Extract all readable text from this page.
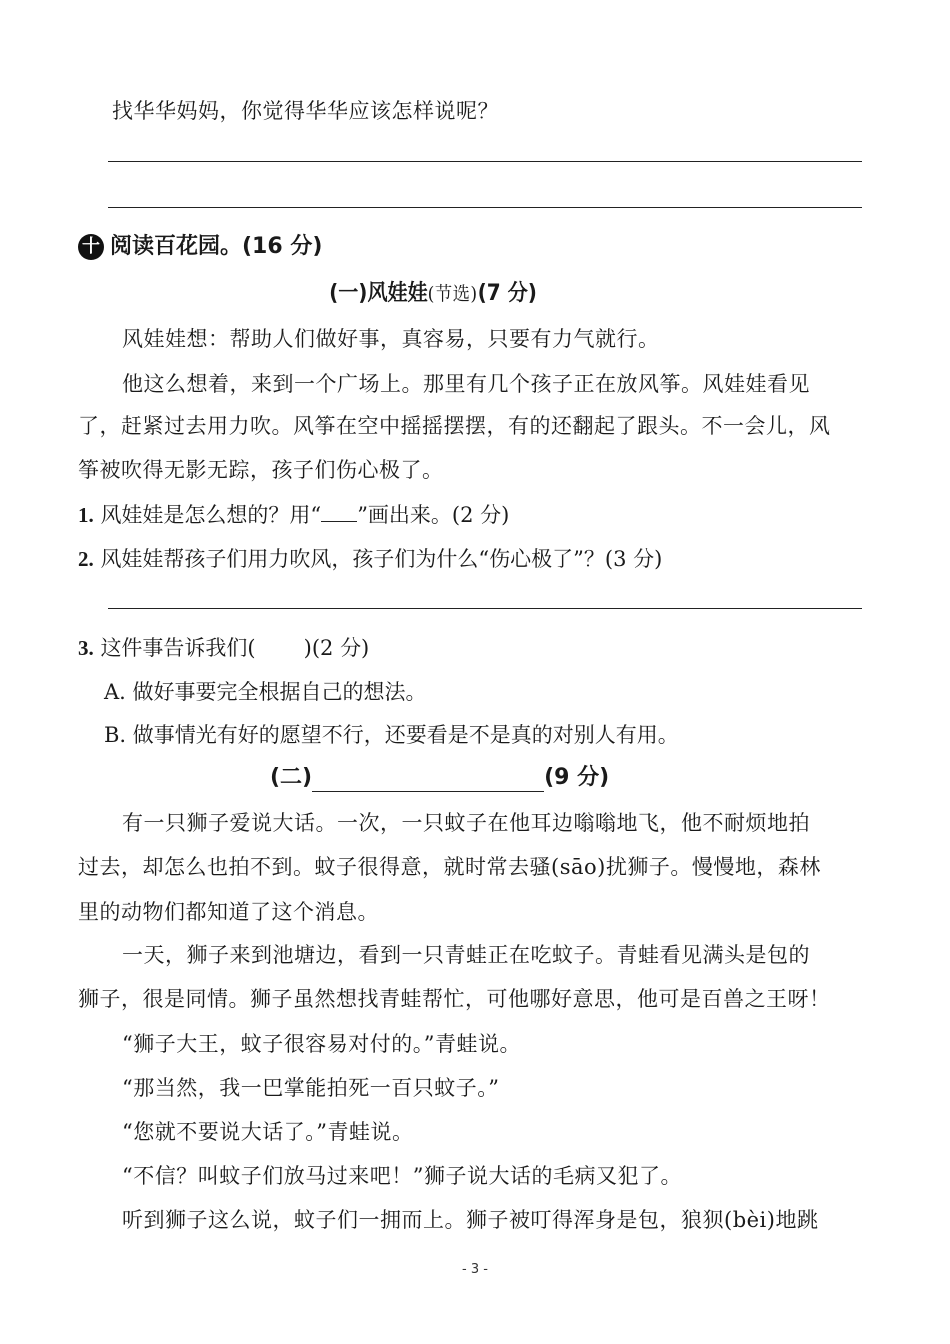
找华华妈妈，你觉得华华应该怎样说呢？
十 阅读百花园。(16 分)
(一)风娃娃(节选)(7 分)
风娃娃想：帮助人们做好事，真容易，只要有力气就行。
他这么想着，来到一个广场上。那里有几个孩子正在放风筝。风娃娃看见
了，赶紧过去用力吹。风筝在空中摇摇摆摆，有的还翻起了跟头。不一会儿，风
筝被吹得无影无踪，孩子们伤心极了。
1. 风娃娃是怎么想的？用“ ”画出来。(2 分)
2. 风娃娃帮孩子们用力吹风，孩子们为什么“伤心极了”？(3 分)
3. 这件事告诉我们( )(2 分)
A. 做好事要完全根据自己的想法。
B. 做事情光有好的愿望不行，还要看是不是真的对别人有用。
(二)	(9 分)
有一只狮子爱说大话。一次，一只蚊子在他耳边嗡嗡地飞，他不耐烦地拍
过去，却怎么也拍不到。蚊子很得意，就时常去骚(sāo)扰狮子。慢慢地，森林
里的动物们都知道了这个消息。
一天，狮子来到池塘边，看到一只青蛙正在吃蚊子。青蛙看见满头是包的
狮子，很是同情。狮子虽然想找青蛙帮忙，可他哪好意思，他可是百兽之王呀！
“狮子大王，蚊子很容易对付的。”青蛙说。
“那当然，我一巴掌能拍死一百只蚊子。”
“您就不要说大话了。”青蛙说。
“不信？叫蚊子们放马过来吧！”狮子说大话的毛病又犯了。
听到狮子这么说，蚊子们一拥而上。狮子被叮得浑身是包，狼狈(bèi)地跳
- 3 -
